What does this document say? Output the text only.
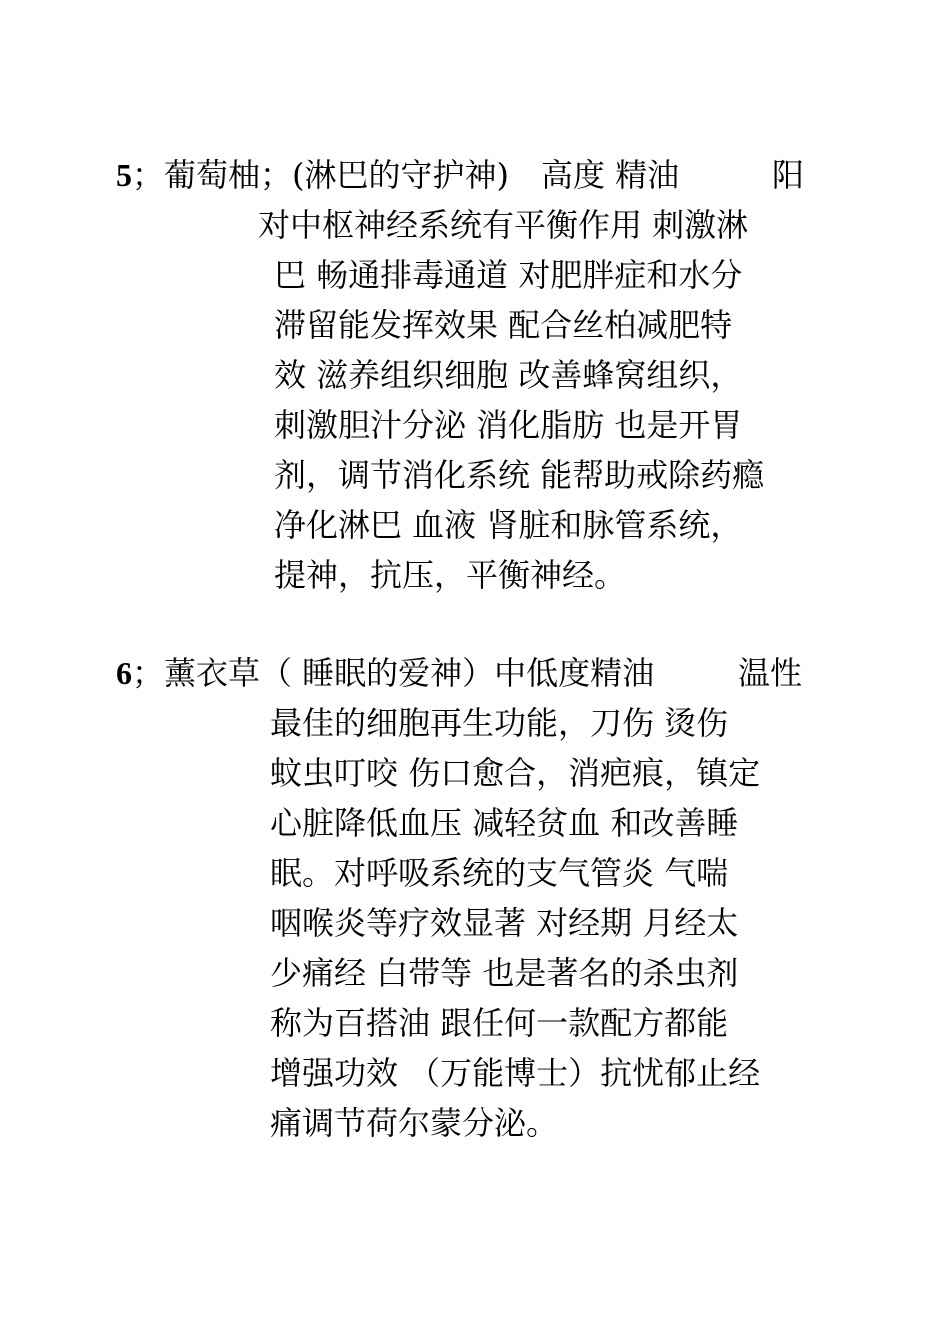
5 ；葡萄柚；(淋巴的守护神)　高度 精油	阳
对中枢神经系统有平衡作用 刺激淋
巴 畅通排毒通道 对肥胖症和水分
滞留能发挥效果 配合丝柏减肥特
效 滋养组织细胞 改善蜂窝组织，
刺激胆汁分泌 消化脂肪 也是开胃
剂，调节消化系统 能帮助戒除药瘾
净化淋巴 血液 肾脏和脉管系统，
提神，抗压，平衡神经。
6 ；薰衣草（ 睡眠的爱神）中低度精油	温性
最佳的细胞再生功能，刀伤 烫伤
蚊虫叮咬 伤口愈合，消疤痕，镇定
心脏降低血压 减轻贫血 和改善睡
眠。对呼吸系统的支气管炎 气喘
咽喉炎等疗效显著 对经期 月经太
少痛经 白带等 也是著名的杀虫剂
称为百搭油 跟任何一款配方都能
增强功效 （万能博士）抗忧郁止经
痛调节荷尔蒙分泌。
